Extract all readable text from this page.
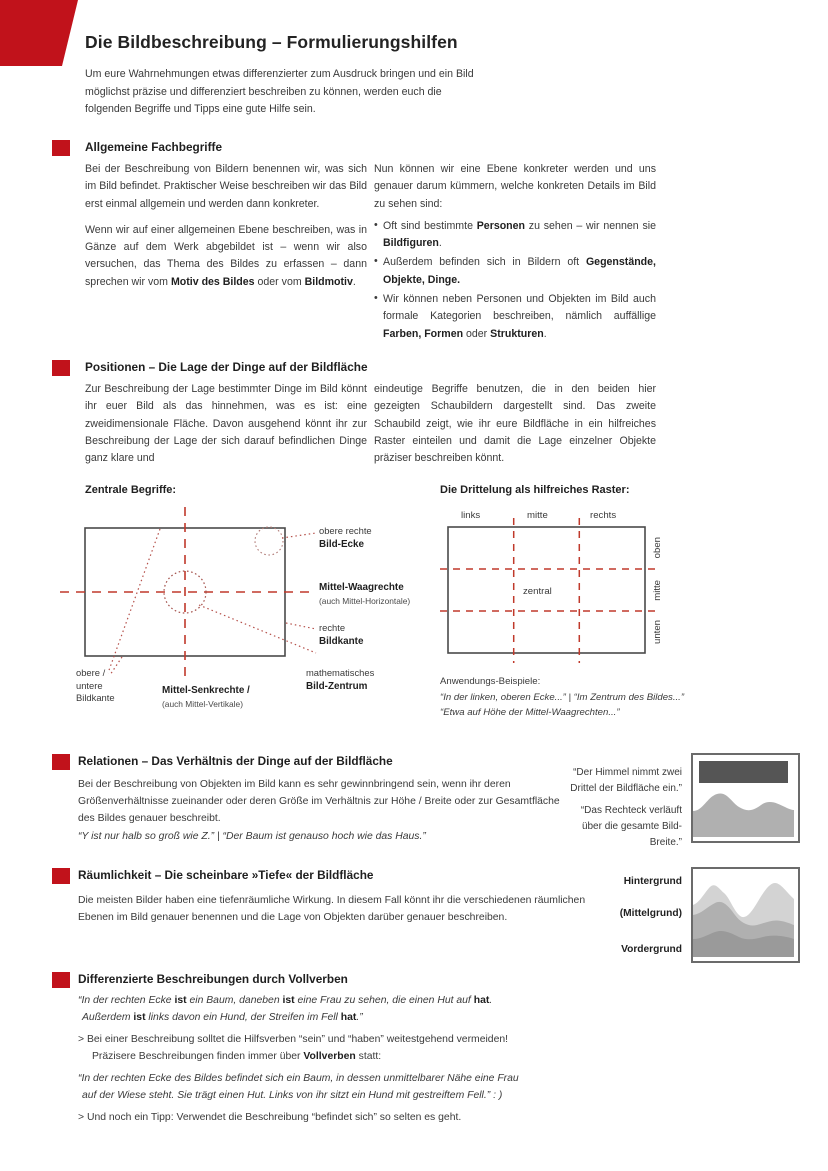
Die Bildbeschreibung – Formulierungshilfen
Um eure Wahrnehmungen etwas differenzierter zum Ausdruck bringen und ein Bild möglichst präzise und differenziert beschreiben zu können, werden euch die folgenden Begriffe und Tipps eine gute Hilfe sein.
Allgemeine Fachbegriffe

Bei der Beschreibung von Bildern benennen wir, was sich im Bild befindet. Praktischer Weise beschreiben wir das Bild erst einmal allgemein und werden dann konkreter.

Wenn wir auf einer allgemeinen Ebene beschreiben, was in Gänze auf dem Werk abgebildet ist – wenn wir also versuchen, das Thema des Bildes zu erfassen – dann sprechen wir vom Motiv des Bildes oder vom Bildmotiv.

Nun können wir eine Ebene konkreter werden und uns genauer darum kümmern, welche konkreten Details im Bild zu sehen sind:

• Oft sind bestimmte Personen zu sehen – wir nennen sie Bildfiguren.
• Außerdem befinden sich in Bildern oft Gegenstände, Objekte, Dinge.
• Wir können neben Personen und Objekten im Bild auch formale Kategorien beschreiben, nämlich auffällige Farben, Formen oder Strukturen.
Positionen – Die Lage der Dinge auf der Bildfläche

Zur Beschreibung der Lage bestimmter Dinge im Bild könnt ihr euer Bild als das hinnehmen, was es ist: eine zweidimensionale Fläche. Davon ausgehend könnt ihr zur Beschreibung der Lage der sich darauf befindlichen Dinge ganz klare und

eindeutige Begriffe benutzen, die in den beiden hier gezeigten Schaubildern dargestellt sind. Das zweite Schaubild zeigt, wie ihr eure Bildfläche in ein hilfreiches Raster einteilen und damit die Lage einzelner Objekte präziser beschreiben könnt.

Zentrale Begriffe:
obere rechte
Bild-Ecke
Mittel-Waagrechte
(auch Mittel-Horizontale)
rechte
Bildkante
mathematisches
Bild-Zentrum
obere /
untere
Bildkante
Mittel-Senkrechte /
(auch Mittel-Vertikale)
Die Drittelung als hilfreiches Raster:
links	mitte	rechts
oben
mitte
unten
zentral
Anwendungs-Beispiele:
“In der linken, oberen Ecke...” | “Im Zentrum des Bildes...”
“Etwa auf Höhe der Mittel-Waagrechten...”
Relationen – Das Verhältnis der Dinge auf der Bildfläche
Bei der Beschreibung von Objekten im Bild kann es sehr gewinnbringend sein, wenn ihr deren Größenverhältnisse zueinander oder deren Größe im Verhältnis zur Höhe / Breite oder zur Gesamtfläche des Bildes genauer beschreibt.
“Y ist nur halb so groß wie Z.” | “Der Baum ist genauso hoch wie das Haus.”
“Der Himmel nimmt zwei Drittel der Bildfläche ein.”
“Das Rechteck verläuft über die gesamte Bild-Breite.”
Räumlichkeit – Die scheinbare »Tiefe« der Bildfläche
Die meisten Bilder haben eine tiefenräumliche Wirkung. In diesem Fall könnt ihr die verschiedenen räumlichen Ebenen im Bild genauer benennen und die Lage von Objekten darüber genauer beschreiben.
Hintergrund
(Mittelgrund)
Vordergrund
Differenzierte Beschreibungen durch Vollverben
“In der rechten Ecke ist ein Baum, daneben ist eine Frau zu sehen, die einen Hut auf hat.
Außerdem ist links davon ein Hund, der Streifen im Fell hat.”
> Bei einer Beschreibung solltet die Hilfsverben “sein” und “haben” weitestgehend vermeiden!
Präzisere Beschreibungen finden immer über Vollverben statt:
“In der rechten Ecke des Bildes befindet sich ein Baum, in dessen unmittelbarer Nähe eine Frau
auf der Wiese steht. Sie trägt einen Hut. Links von ihr sitzt ein Hund mit gestreiftem Fell.” : )
> Und noch ein Tipp: Verwendet die Beschreibung “befindet sich” so selten es geht.
